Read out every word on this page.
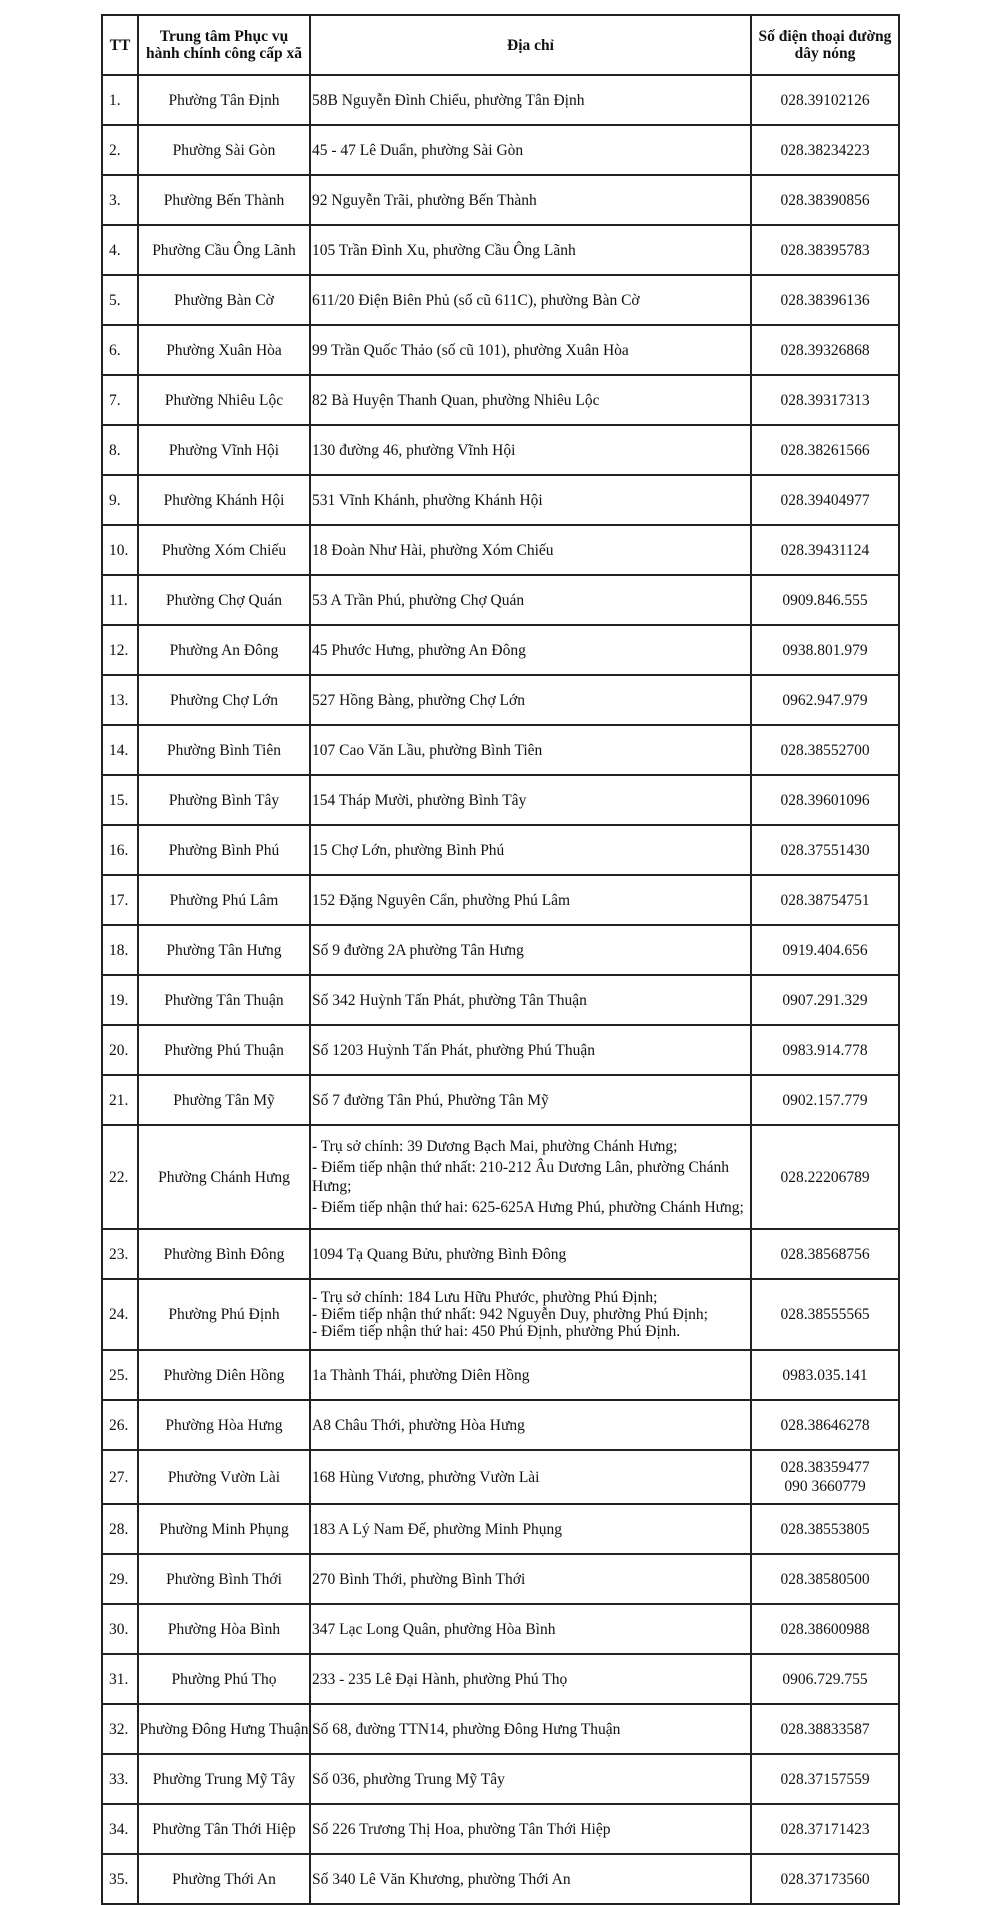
TT	Trung tâm Phục vụ
hành chính công cấp xã	Địa chỉ	Số điện thoại đường
dây nóng

1.	Phường Tân Định	58B Nguyễn Đình Chiểu, phường Tân Định	028.39102126
2.	Phường Sài Gòn	45 - 47 Lê Duẩn, phường Sài Gòn	028.38234223
3.	Phường Bến Thành	92 Nguyễn Trãi, phường Bến Thành	028.38390856
4.	Phường Cầu Ông Lãnh	105 Trần Đình Xu, phường Cầu Ông Lãnh	028.38395783
5.	Phường Bàn Cờ	611/20 Điện Biên Phủ (số cũ 611C), phường Bàn Cờ	028.38396136
6.	Phường Xuân Hòa	99 Trần Quốc Thảo (số cũ 101), phường Xuân Hòa	028.39326868
7.	Phường Nhiêu Lộc	82 Bà Huyện Thanh Quan, phường Nhiêu Lộc	028.39317313
8.	Phường Vĩnh Hội	130 đường 46, phường Vĩnh Hội	028.38261566
9.	Phường Khánh Hội	531 Vĩnh Khánh, phường Khánh Hội	028.39404977
10.	Phường Xóm Chiếu	18 Đoàn Như Hài, phường Xóm Chiếu	028.39431124
11.	Phường Chợ Quán	53 A Trần Phú, phường Chợ Quán	0909.846.555
12.	Phường An Đông	45 Phước Hưng, phường An Đông	0938.801.979
13.	Phường Chợ Lớn	527 Hồng Bàng, phường Chợ Lớn	0962.947.979
14.	Phường Bình Tiên	107 Cao Văn Lầu, phường Bình Tiên	028.38552700
15.	Phường Bình Tây	154 Tháp Mười, phường Bình Tây	028.39601096
16.	Phường Bình Phú	15 Chợ Lớn, phường Bình Phú	028.37551430
17.	Phường Phú Lâm	152 Đặng Nguyên Cẩn, phường Phú Lâm	028.38754751
18.	Phường Tân Hưng	Số 9 đường 2A phường Tân Hưng	0919.404.656
19.	Phường Tân Thuận	Số 342 Huỳnh Tấn Phát, phường Tân Thuận	0907.291.329
20.	Phường Phú Thuận	Số 1203 Huỳnh Tấn Phát, phường Phú Thuận	0983.914.778
21.	Phường Tân Mỹ	Số 7 đường Tân Phú, Phường Tân Mỹ	0902.157.779
22.	Phường Chánh Hưng	- Trụ sở chính: 39 Dương Bạch Mai, phường Chánh Hưng;
- Điểm tiếp nhận thứ nhất: 210-212 Âu Dương Lân, phường Chánh Hưng;
- Điểm tiếp nhận thứ hai: 625-625A Hưng Phú, phường Chánh Hưng;	028.22206789
23.	Phường Bình Đông	1094 Tạ Quang Bửu, phường Bình Đông	028.38568756
24.	Phường Phú Định	- Trụ sở chính: 184 Lưu Hữu Phước, phường Phú Định;
- Điểm tiếp nhận thứ nhất: 942 Nguyễn Duy, phường Phú Định;
- Điểm tiếp nhận thứ hai: 450 Phú Định, phường Phú Định.	028.38555565
25.	Phường Diên Hồng	1a Thành Thái, phường Diên Hồng	0983.035.141
26.	Phường Hòa Hưng	A8 Châu Thới, phường Hòa Hưng	028.38646278
27.	Phường Vườn Lài	168 Hùng Vương, phường Vườn Lài	028.38359477
090 3660779

28.	Phường Minh Phụng	183 A Lý Nam Đế, phường Minh Phụng	028.38553805
29.	Phường Bình Thới	270 Bình Thới, phường Bình Thới	028.38580500
30.	Phường Hòa Bình	347 Lạc Long Quân, phường Hòa Bình	028.38600988
31.	Phường Phú Thọ	233 - 235 Lê Đại Hành, phường Phú Thọ	0906.729.755
32.	Phường Đông Hưng Thuận	Số 68, đường TTN14, phường Đông Hưng Thuận	028.38833587
33.	Phường Trung Mỹ Tây	Số 036, phường Trung Mỹ Tây	028.37157559
34.	Phường Tân Thới Hiệp	Số 226 Trương Thị Hoa, phường Tân Thới Hiệp	028.37171423
35.	Phường Thới An	Số 340 Lê Văn Khương, phường Thới An	028.37173560
